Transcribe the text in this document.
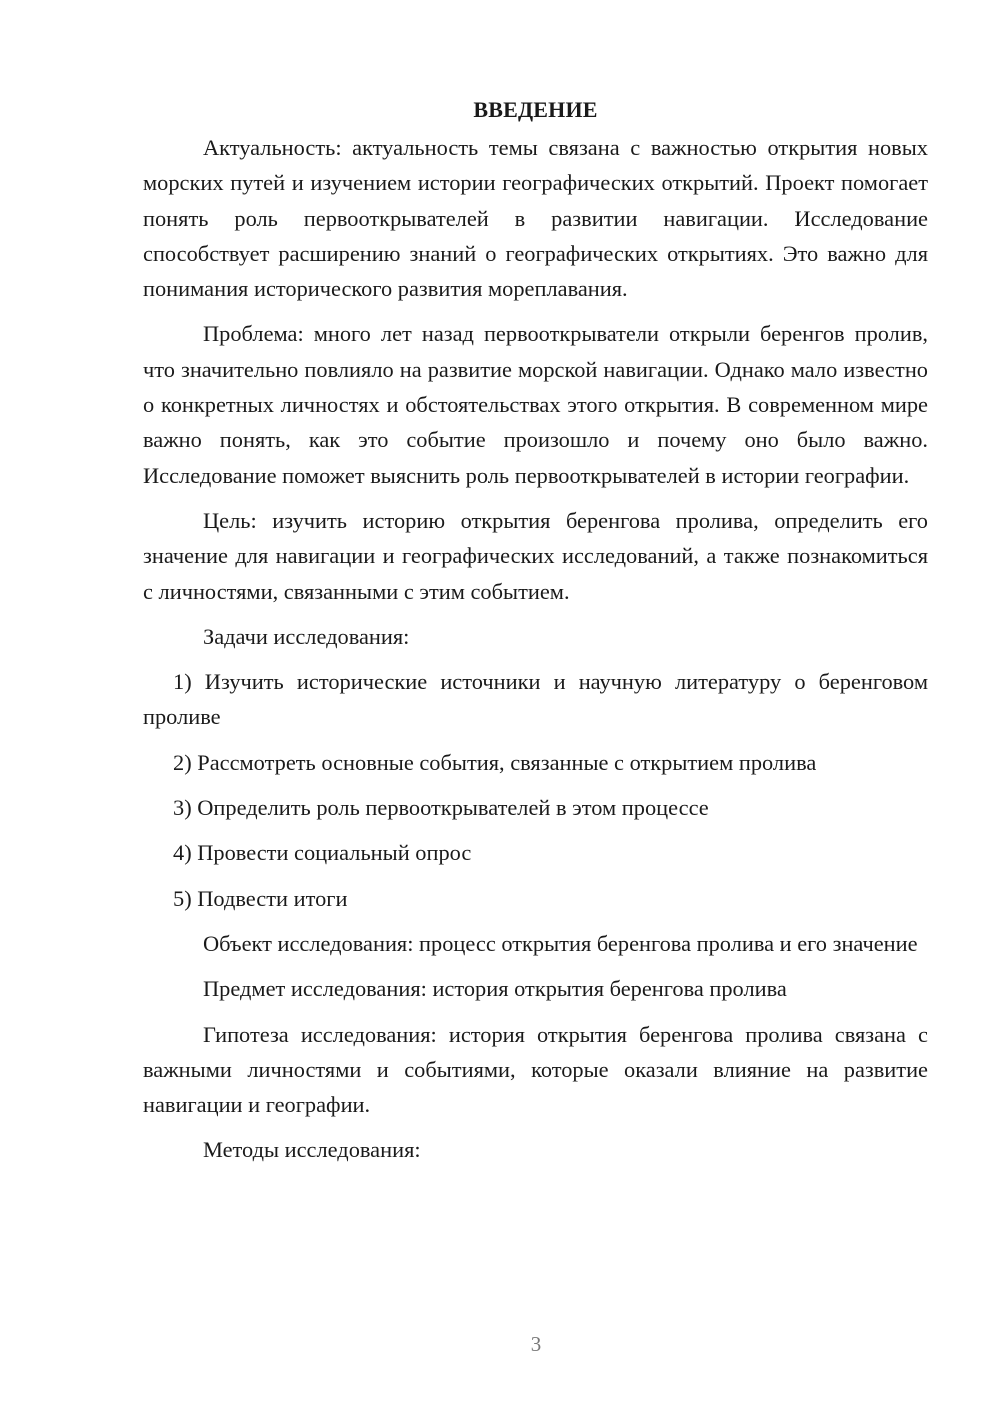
ВВЕДЕНИЕ

Актуальность: актуальность темы связана с важностью открытия новых морских путей и изучением истории географических открытий. Проект помогает понять роль первооткрывателей в развитии навигации. Исследование способствует расширению знаний о географических открытиях. Это важно для понимания исторического развития мореплавания.

Проблема: много лет назад первооткрыватели открыли беренгов пролив, что значительно повлияло на развитие морской навигации. Однако мало известно о конкретных личностях и обстоятельствах этого открытия. В современном мире важно понять, как это событие произошло и почему оно было важно. Исследование поможет выяснить роль первооткрывателей в истории географии.

Цель: изучить историю открытия беренгова пролива, определить его значение для навигации и географических исследований, а также познакомиться с личностями, связанными с этим событием.

Задачи исследования:

1) Изучить исторические источники и научную литературу о беренговом проливе

2) Рассмотреть основные события, связанные с открытием пролива

3) Определить роль первооткрывателей в этом процессе

4) Провести социальный опрос

5) Подвести итоги

Объект исследования: процесс открытия беренгова пролива и его значение

Предмет исследования: история открытия беренгова пролива

Гипотеза исследования: история открытия беренгова пролива связана с важными личностями и событиями, которые оказали влияние на развитие навигации и географии.

Методы исследования:

3
